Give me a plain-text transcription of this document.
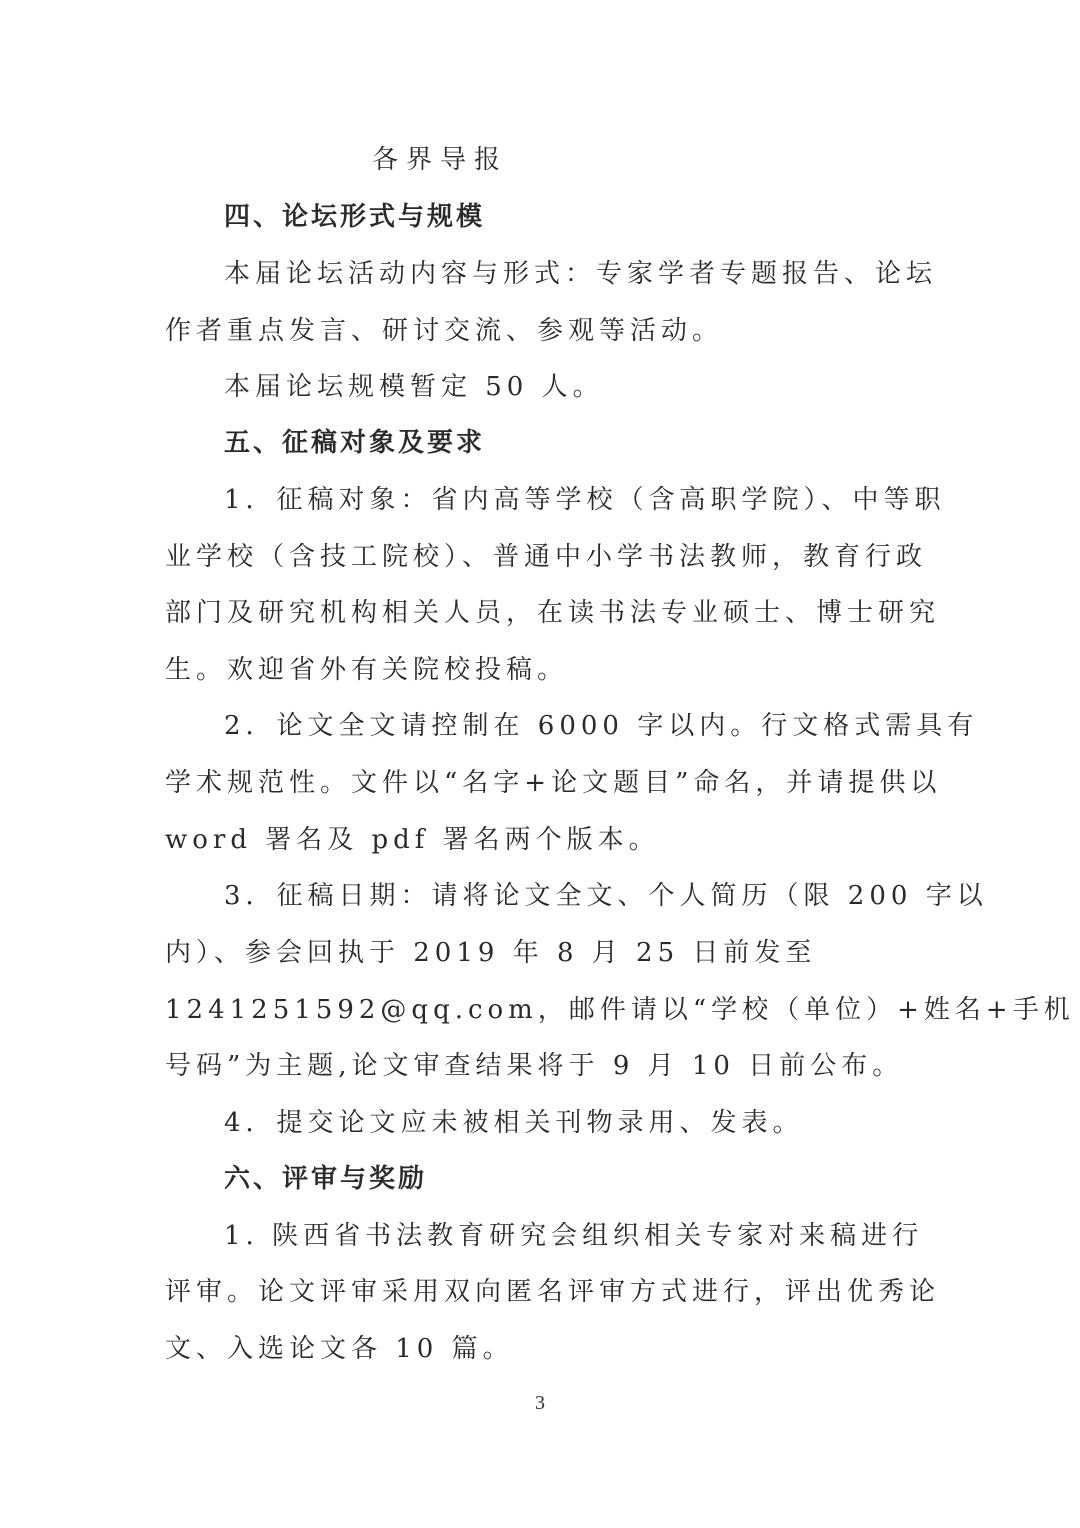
各界导报
四、论坛形式与规模
本届论坛活动内容与形式：专家学者专题报告、论坛
作者重点发言、研讨交流、参观等活动。
本届论坛规模暂定 50 人。
五、征稿对象及要求
1．征稿对象：省内高等学校（含高职学院）、中等职
业学校（含技工院校）、普通中小学书法教师，教育行政
部门及研究机构相关人员，在读书法专业硕士、博士研究
生。欢迎省外有关院校投稿。
2．论文全文请控制在 6000 字以内。行文格式需具有
学术规范性。文件以“名字+论文题目”命名，并请提供以
word 署名及 pdf 署名两个版本。
3．征稿日期：请将论文全文、个人简历（限 200 字以
内）、参会回执于 2019 年 8 月 25 日前发至
1241251592@qq.com，邮件请以“学校（单位）+姓名+手机
号码”为主题,论文审查结果将于 9 月 10 日前公布。
4．提交论文应未被相关刊物录用、发表。
六、评审与奖励
1. 陕西省书法教育研究会组织相关专家对来稿进行
评审。论文评审采用双向匿名评审方式进行，评出优秀论
文、入选论文各 10 篇。
3
